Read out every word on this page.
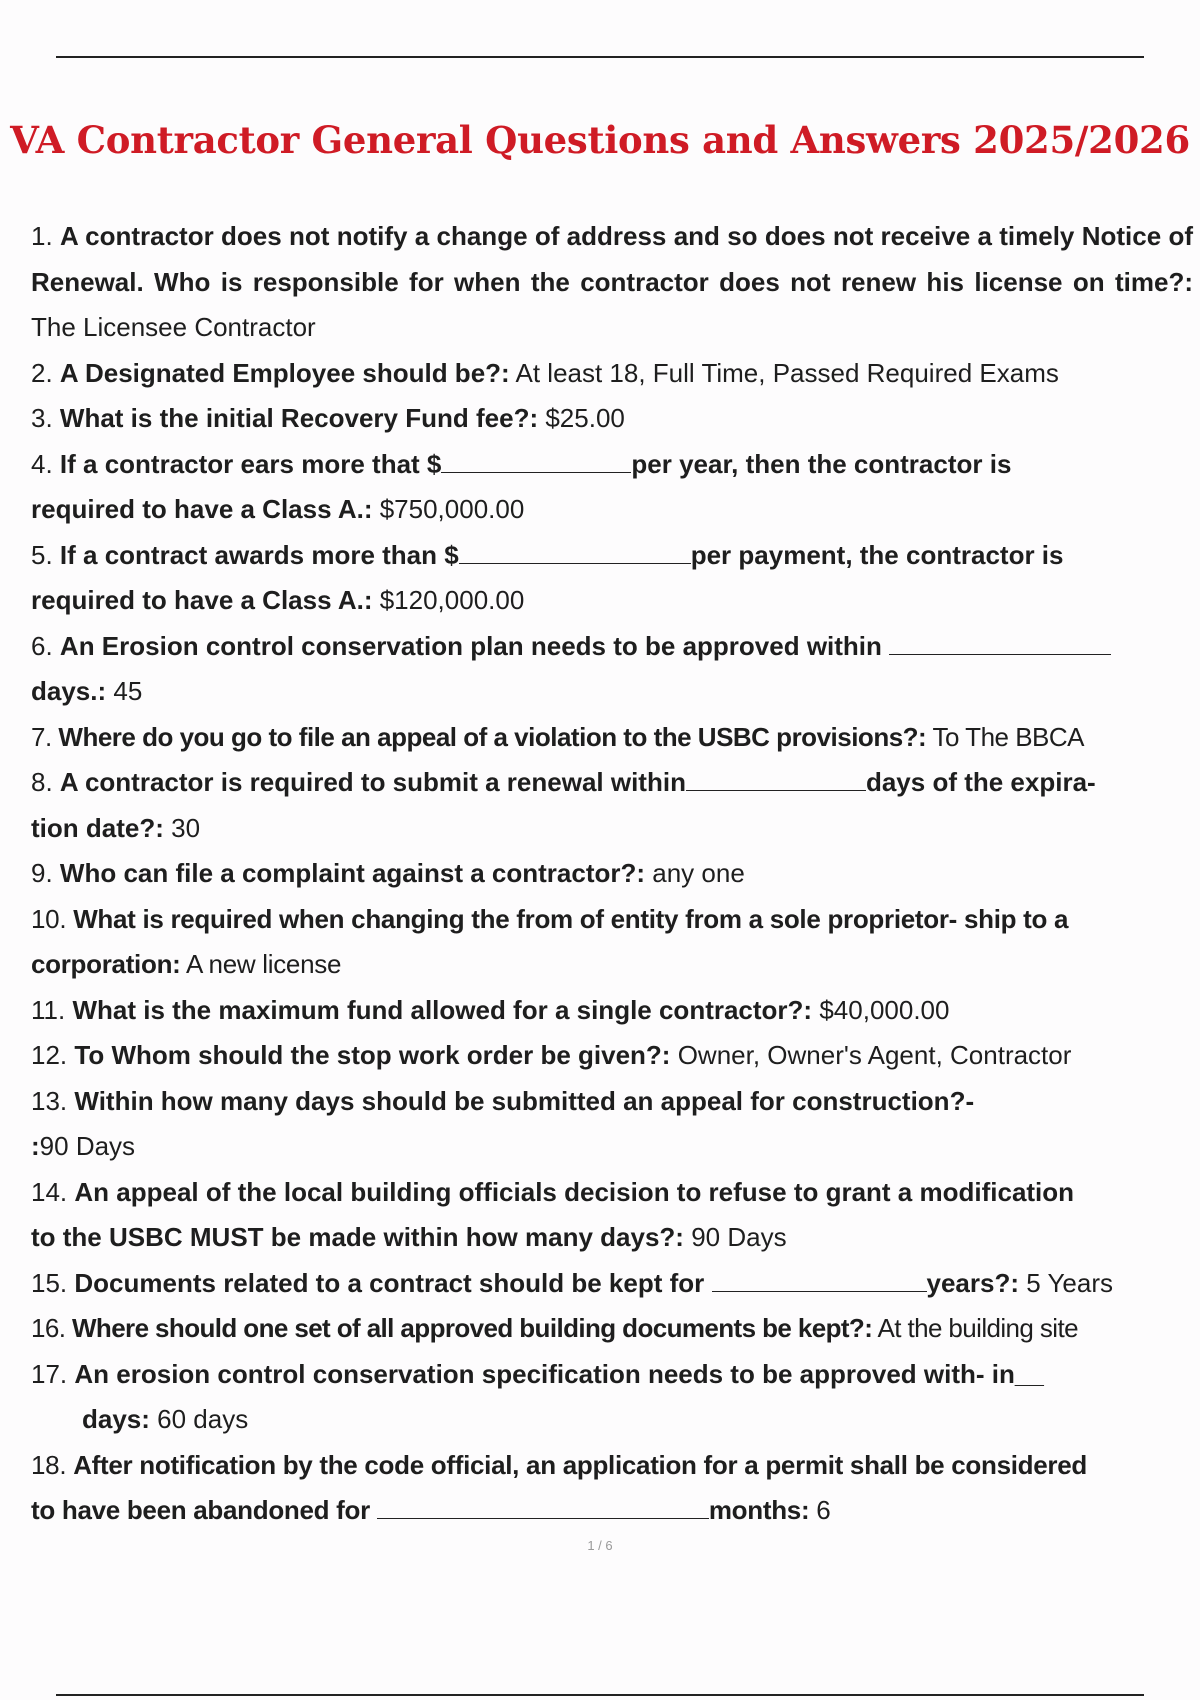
VA Contractor General Questions and Answers 2025/2026

1. A contractor does not notify a change of address and so does not receive a timely Notice of Renewal. Who is responsible for when the contractor does not renew his license on time?: The Licensee Contractor

2. A Designated Employee should be?: At least 18, Full Time, Passed Required Exams

3. What is the initial Recovery Fund fee?: $25.00

4. If a contractor ears more that $	per year, then the contractor is
required to have a Class A.: $750,000.00

5. If a contract awards more than $	per payment, the contractor is
required to have a Class A.: $120,000.00

6. An Erosion control conservation plan needs to be approved within
days.: 45

7. Where do you go to file an appeal of a violation to the USBC provisions?: To The BBCA

8. A contractor is required to submit a renewal within	days of the expira-
tion date?: 30

9. Who can file a complaint against a contractor?: any one

10. What is required when changing the from of entity from a sole proprietor- ship to a
corporation: A new license

11. What is the maximum fund allowed for a single contractor?: $40,000.00

12. To Whom should the stop work order be given?: Owner, Owner's Agent, Contractor

13. Within how many days should be submitted an appeal for construction?-
:90 Days

14. An appeal of the local building officials decision to refuse to grant a modification
to the USBC MUST be made within how many days?: 90 Days

15. Documents related to a contract should be kept for	years?: 5 Years

16. Where should one set of all approved building documents be kept?: At the building site

17. An erosion control conservation specification needs to be approved with- in__
days: 60 days

18. After notification by the code official, an application for a permit shall be considered
to have been abandoned for	months: 6

1 / 6
